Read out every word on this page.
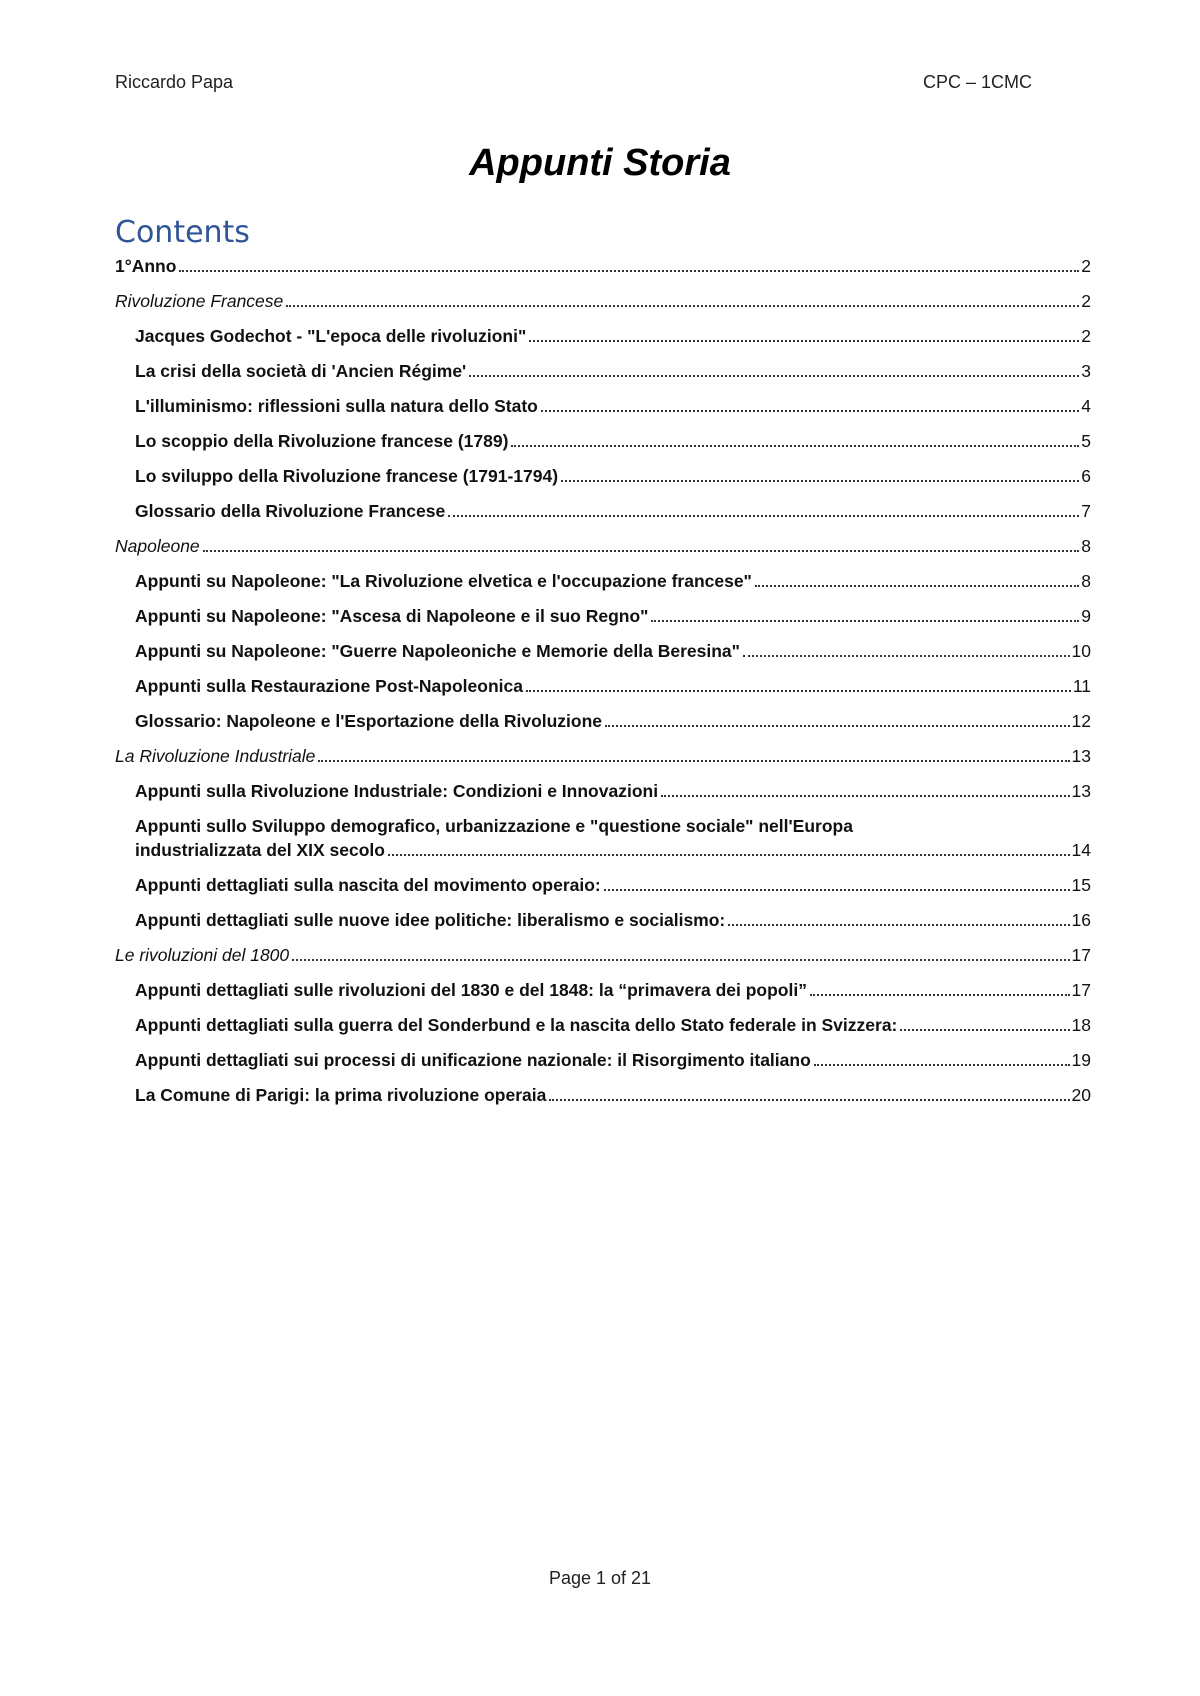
Riccardo Papa	CPC – 1CMC
Appunti Storia
Contents
1°Anno	2
Rivoluzione Francese	2
Jacques Godechot - "L'epoca delle rivoluzioni"	2
La crisi della società di 'Ancien Régime'	3
L'illuminismo: riflessioni sulla natura dello Stato	4
Lo scoppio della Rivoluzione francese (1789)	5
Lo sviluppo della Rivoluzione francese (1791-1794)	6
Glossario della Rivoluzione Francese	7
Napoleone	8
Appunti su Napoleone: "La Rivoluzione elvetica e l'occupazione francese"	8
Appunti su Napoleone: "Ascesa di Napoleone e il suo Regno"	9
Appunti su Napoleone: "Guerre Napoleoniche e Memorie della Beresina"	10
Appunti sulla Restaurazione Post-Napoleonica	11
Glossario: Napoleone e l'Esportazione della Rivoluzione	12
La Rivoluzione Industriale	13
Appunti sulla Rivoluzione Industriale: Condizioni e Innovazioni	13
Appunti sullo Sviluppo demografico, urbanizzazione e "questione sociale" nell'Europa
industrializzata del XIX secolo	14
Appunti dettagliati sulla nascita del movimento operaio:	15
Appunti dettagliati sulle nuove idee politiche: liberalismo e socialismo:	16
Le rivoluzioni del 1800	17
Appunti dettagliati sulle rivoluzioni del 1830 e del 1848: la “primavera dei popoli”	17
Appunti dettagliati sulla guerra del Sonderbund e la nascita dello Stato federale in Svizzera:	18
Appunti dettagliati sui processi di unificazione nazionale: il Risorgimento italiano	19
La Comune di Parigi: la prima rivoluzione operaia	20
Page 1 of 21
